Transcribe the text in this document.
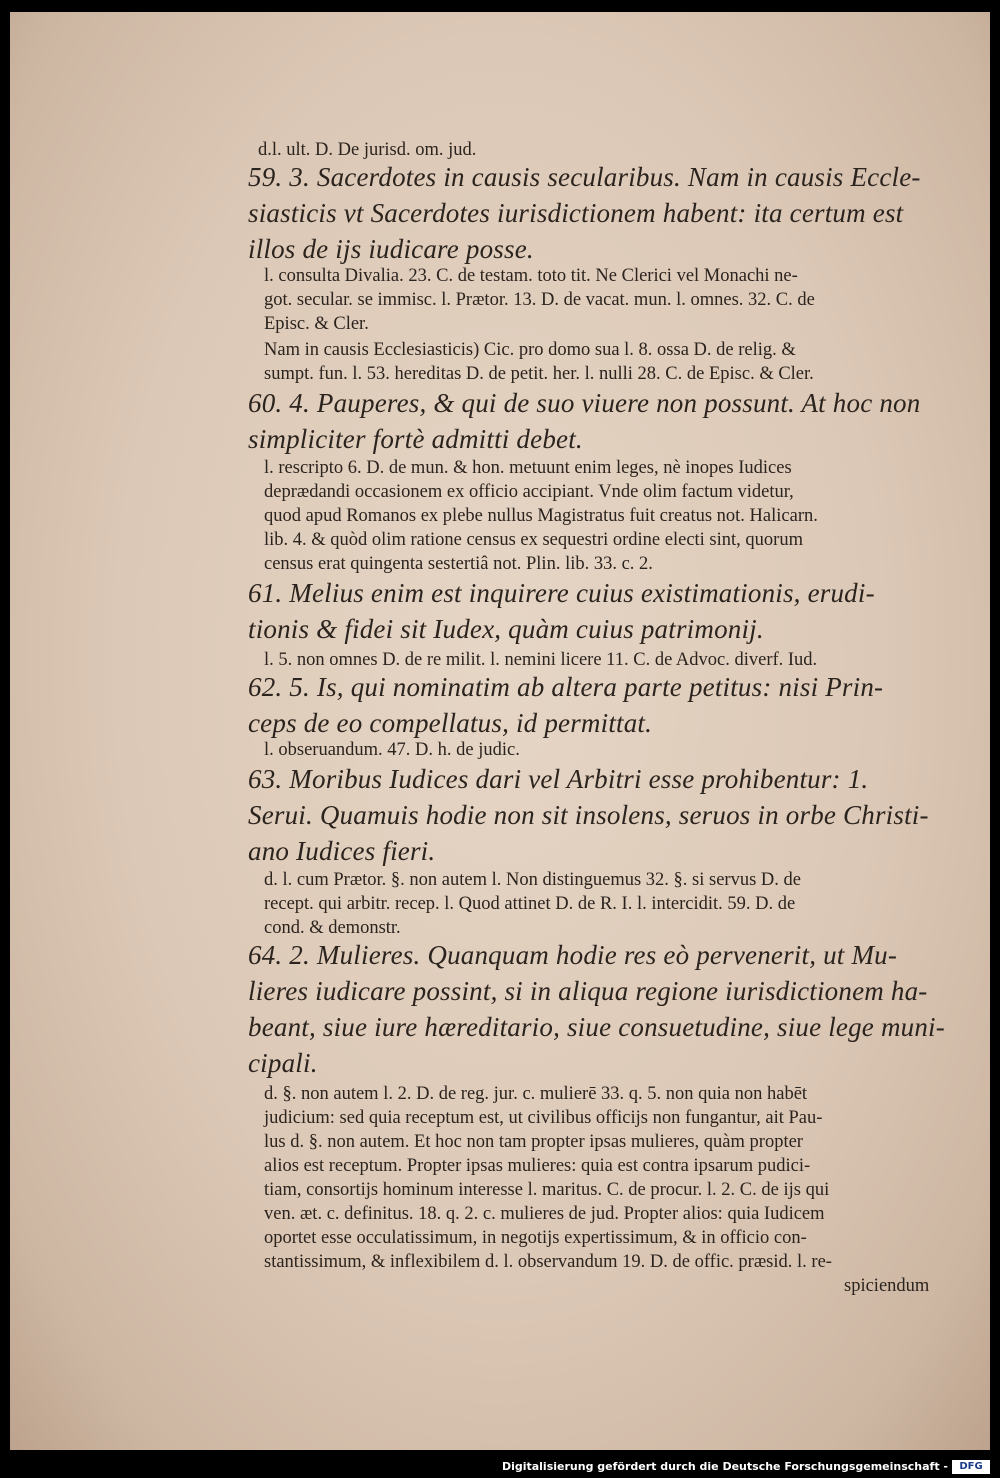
d.l. ult. D. De jurisd. om. jud.
59. 3. Sacerdotes in causis secularibus. Nam in causis Eccle-
siasticis vt Sacerdotes iurisdictionem habent: ita certum est
illos de ijs iudicare posse.
l. consulta Divalia. 23. C. de testam. toto tit. Ne Clerici vel Monachi ne-
got. secular. se immisc. l. Prætor. 13. D. de vacat. mun. l. omnes. 32. C. de
Episc. & Cler.
Nam in causis Ecclesiasticis) Cic. pro domo sua l. 8. ossa D. de relig. &
sumpt. fun. l. 53. hereditas D. de petit. her. l. nulli 28. C. de Episc. & Cler.
60. 4. Pauperes, & qui de suo viuere non possunt. At hoc non
simpliciter fortè admitti debet.
l. rescripto 6. D. de mun. & hon. metuunt enim leges, nè inopes Iudices
deprædandi occasionem ex officio accipiant. Vnde olim factum videtur,
quod apud Romanos ex plebe nullus Magistratus fuit creatus not. Halicarn.
lib. 4. & quòd olim ratione census ex sequestri ordine electi sint, quorum
census erat quingenta sestertiâ not. Plin. lib. 33. c. 2.
61. Melius enim est inquirere cuius existimationis, erudi-
tionis & fidei sit Iudex, quàm cuius patrimonij.
l. 5. non omnes D. de re milit. l. nemini licere 11. C. de Advoc. diverf. Iud.
62. 5. Is, qui nominatim ab altera parte petitus: nisi Prin-
ceps de eo compellatus, id permittat.
l. obseruandum. 47. D. h. de judic.
63. Moribus Iudices dari vel Arbitri esse prohibentur: 1.
Serui. Quamuis hodie non sit insolens, seruos in orbe Christi-
ano Iudices fieri.
d. l. cum Prætor. §. non autem l. Non distinguemus 32. §. si servus D. de
recept. qui arbitr. recep. l. Quod attinet D. de R. I. l. intercidit. 59. D. de
cond. & demonstr.
64. 2. Mulieres. Quanquam hodie res eò pervenerit, ut Mu-
lieres iudicare possint, si in aliqua regione iurisdictionem ha-
beant, siue iure hæreditario, siue consuetudine, siue lege muni-
cipali.
d. §. non autem l. 2. D. de reg. jur. c. mulierē 33. q. 5. non quia non habēt
judicium: sed quia receptum est, ut civilibus officijs non fungantur, ait Pau-
lus d. §. non autem. Et hoc non tam propter ipsas mulieres, quàm propter
alios est receptum. Propter ipsas mulieres: quia est contra ipsarum pudici-
tiam, consortijs hominum interesse l. maritus. C. de procur. l. 2. C. de ijs qui
ven. æt. c. definitus. 18. q. 2. c. mulieres de jud. Propter alios: quia Iudicem
oportet esse occulatissimum, in negotijs expertissimum, & in officio con-
stantissimum, & inflexibilem d. l. observandum 19. D. de offic. præsid. l. re-
spiciendum
Digitalisierung gefördert durch die Deutsche Forschungsgemeinschaft -	DFG
